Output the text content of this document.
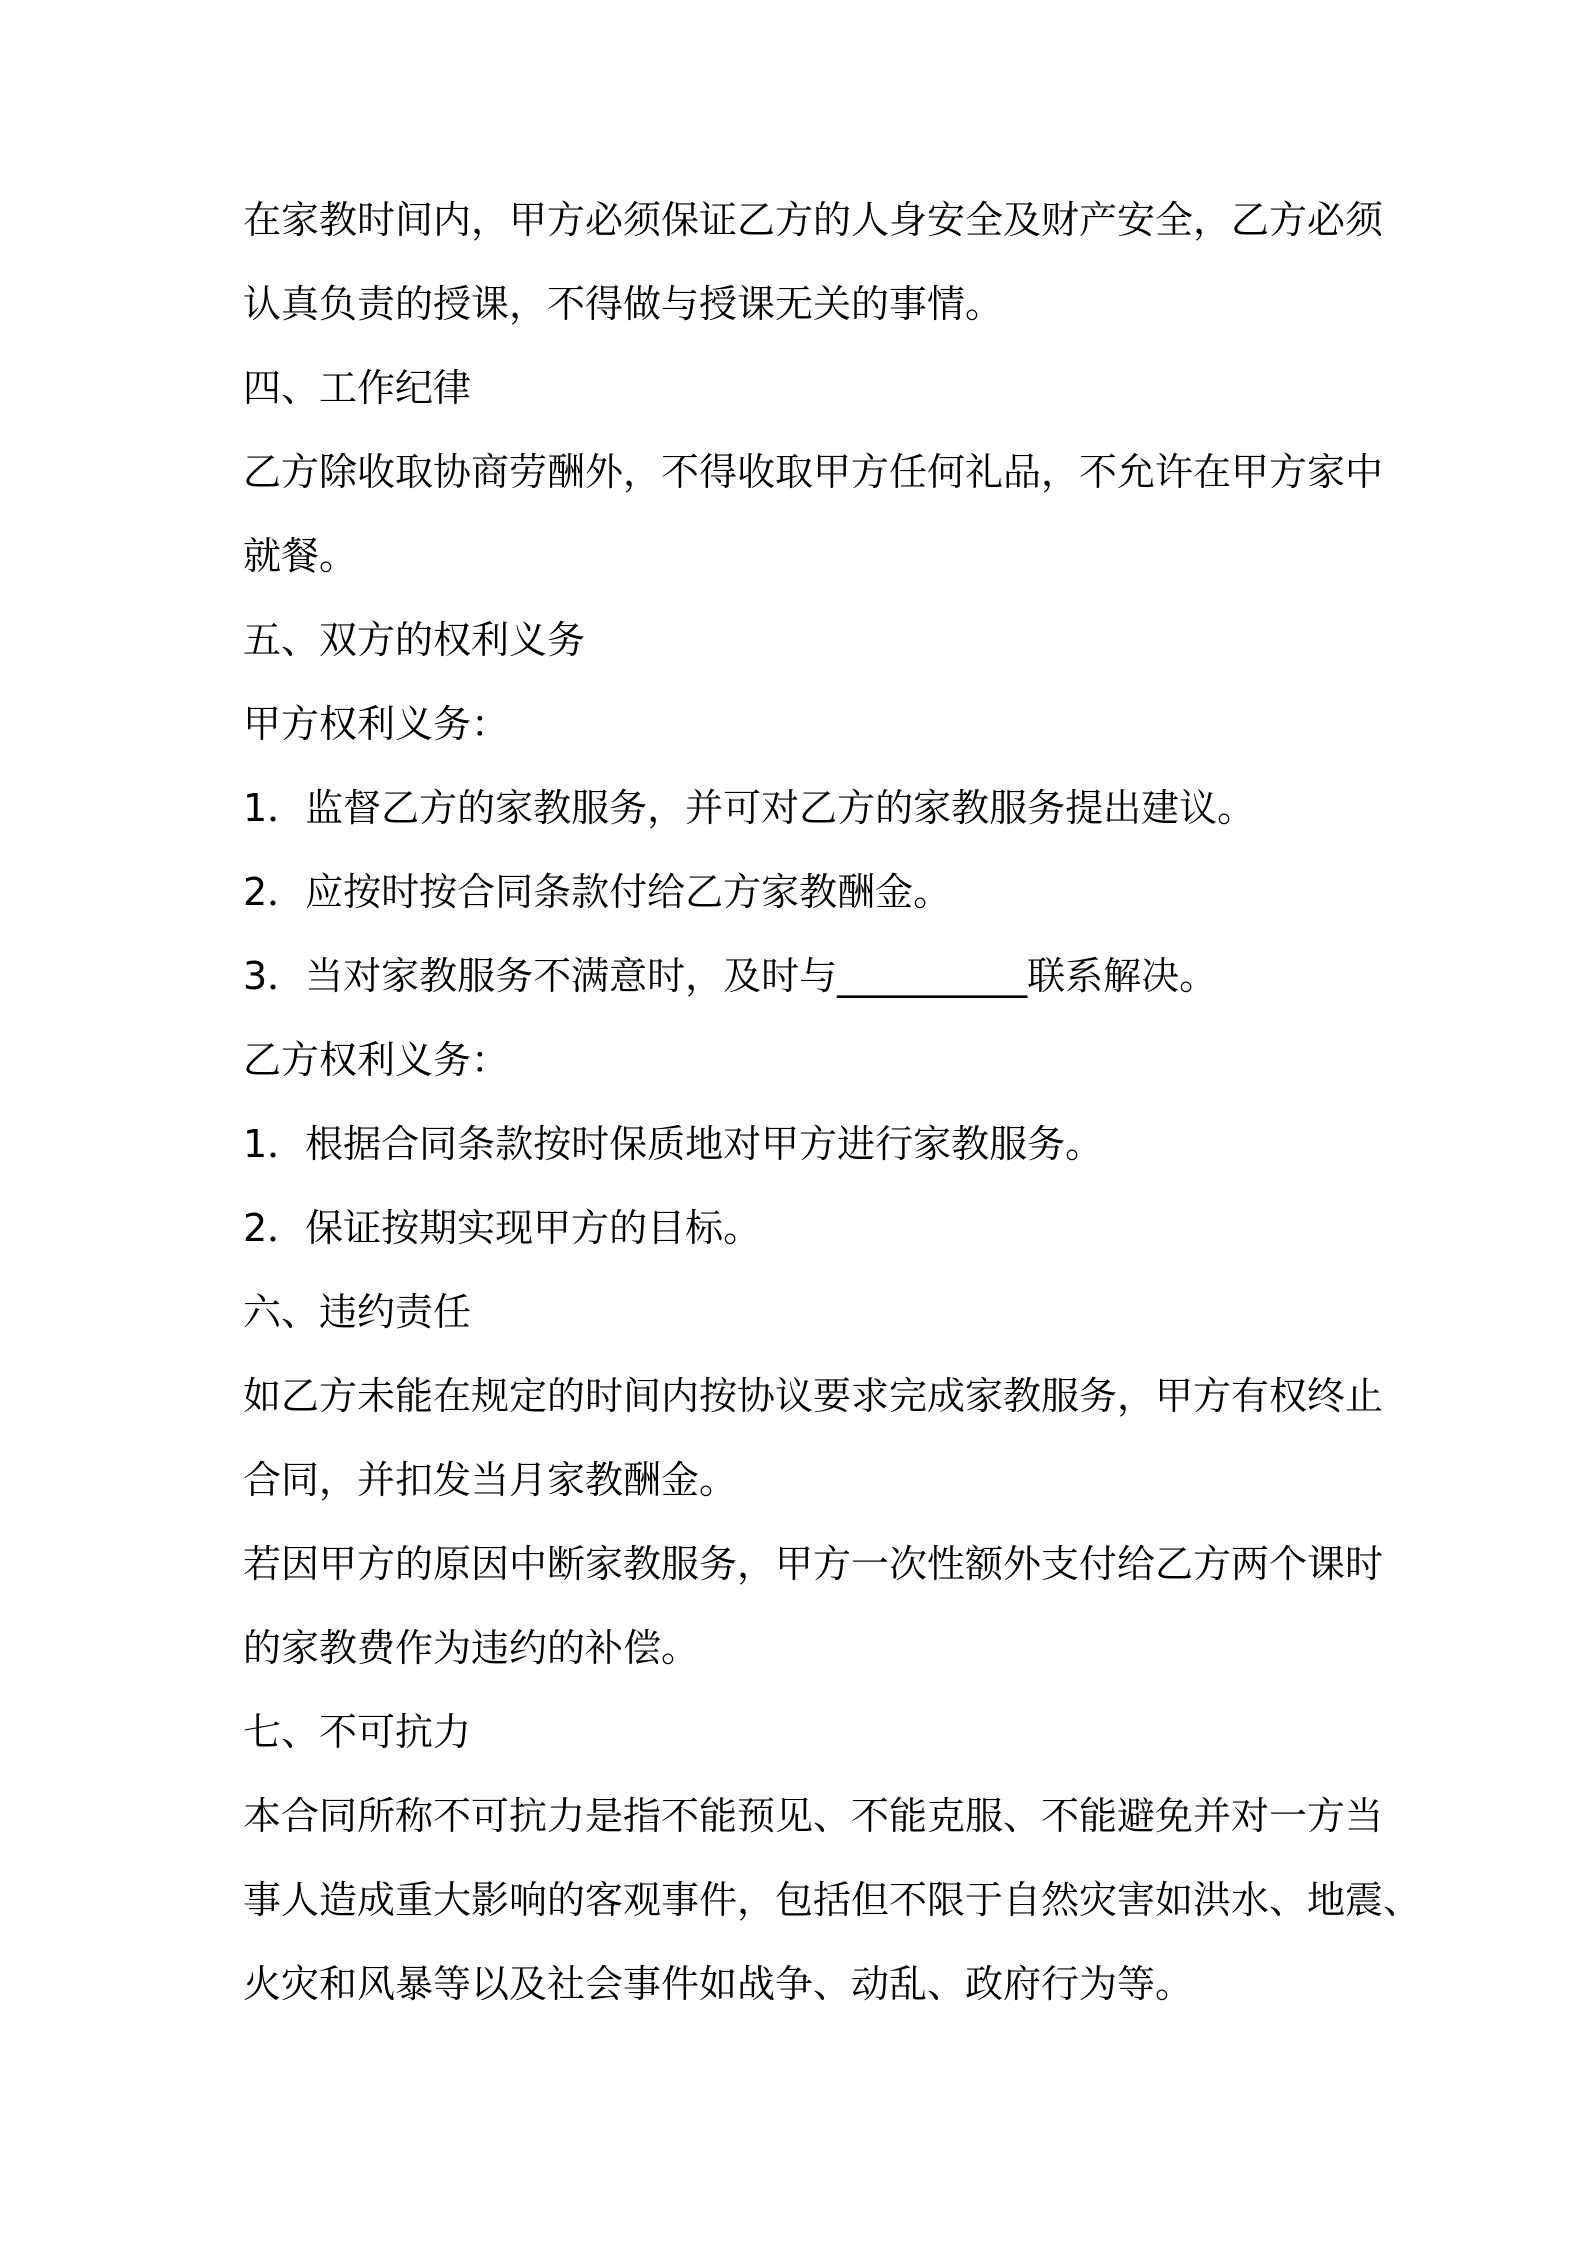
在家教时间内，甲方必须保证乙方的人身安全及财产安全，乙方必须
认真负责的授课，不得做与授课无关的事情。
四、工作纪律
乙方除收取协商劳酬外，不得收取甲方任何礼品，不允许在甲方家中
就餐。
五、双方的权利义务
甲方权利义务：
1．监督乙方的家教服务，并可对乙方的家教服务提出建议。
2．应按时按合同条款付给乙方家教酬金。
3．当对家教服务不满意时，及时与__________联系解决。
乙方权利义务：
1．根据合同条款按时保质地对甲方进行家教服务。
2．保证按期实现甲方的目标。
六、违约责任
如乙方未能在规定的时间内按协议要求完成家教服务，甲方有权终止
合同，并扣发当月家教酬金。
若因甲方的原因中断家教服务，甲方一次性额外支付给乙方两个课时
的家教费作为违约的补偿。
七、不可抗力
本合同所称不可抗力是指不能预见、不能克服、不能避免并对一方当
事人造成重大影响的客观事件，包括但不限于自然灾害如洪水、地震、
火灾和风暴等以及社会事件如战争、动乱、政府行为等。
